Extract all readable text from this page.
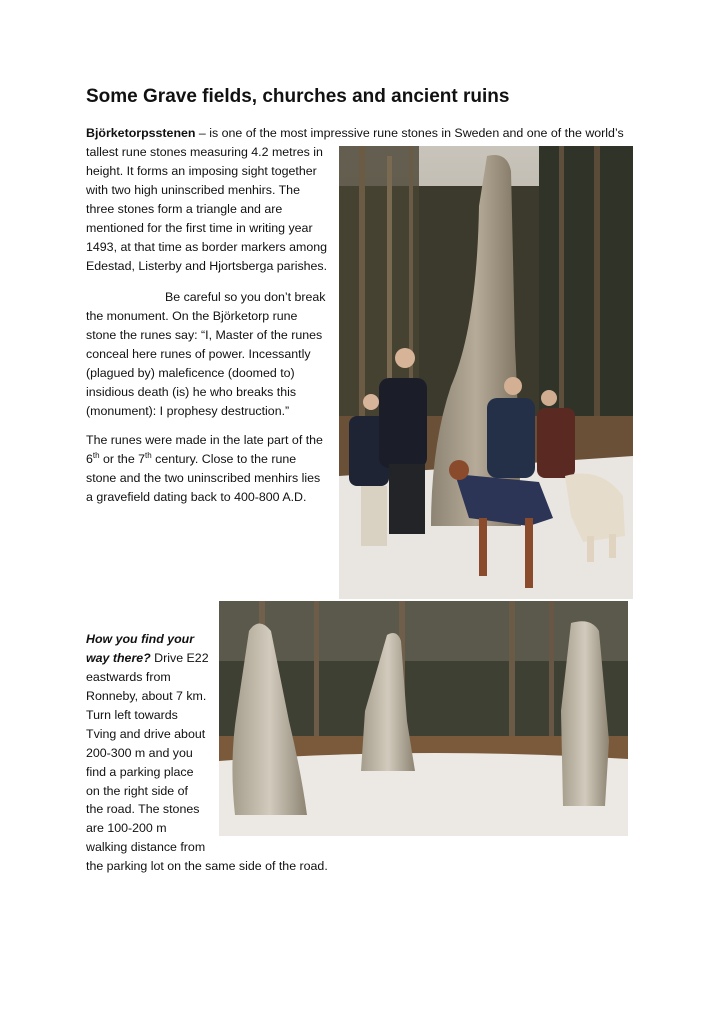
Some Grave fields, churches and ancient ruins
Björketorpsstenen – is one of the most impressive rune stones in Sweden and one of the world’s
tallest rune stones measuring 4.2 metres in
height. It forms an imposing sight together
with two high uninscribed menhirs. The
three stones form a triangle and are
mentioned for the first time in writing year
1493, at that time as border markers among
Edestad, Listerby and Hjortsberga parishes.
Be careful so you don’t break
the monument. On the Björketorp rune
stone the runes say: “I, Master of the runes
conceal here runes of power. Incessantly
(plagued by) maleficence (doomed to)
insidious death (is) he who breaks this
(monument): I prophesy destruction.”
The runes were made in the late part of the
6th or the 7th century. Close to the rune
stone and the two uninscribed menhirs lies
a gravefield dating back to 400-800 A.D.
How you find your
way there? Drive E22
eastwards from
Ronneby, about 7 km.
Turn left towards
Tving and drive about
200-300 m and you
find a parking place
on the right side of
the road. The stones
are 100-200 m
walking distance from
the parking lot on the same side of the road.
